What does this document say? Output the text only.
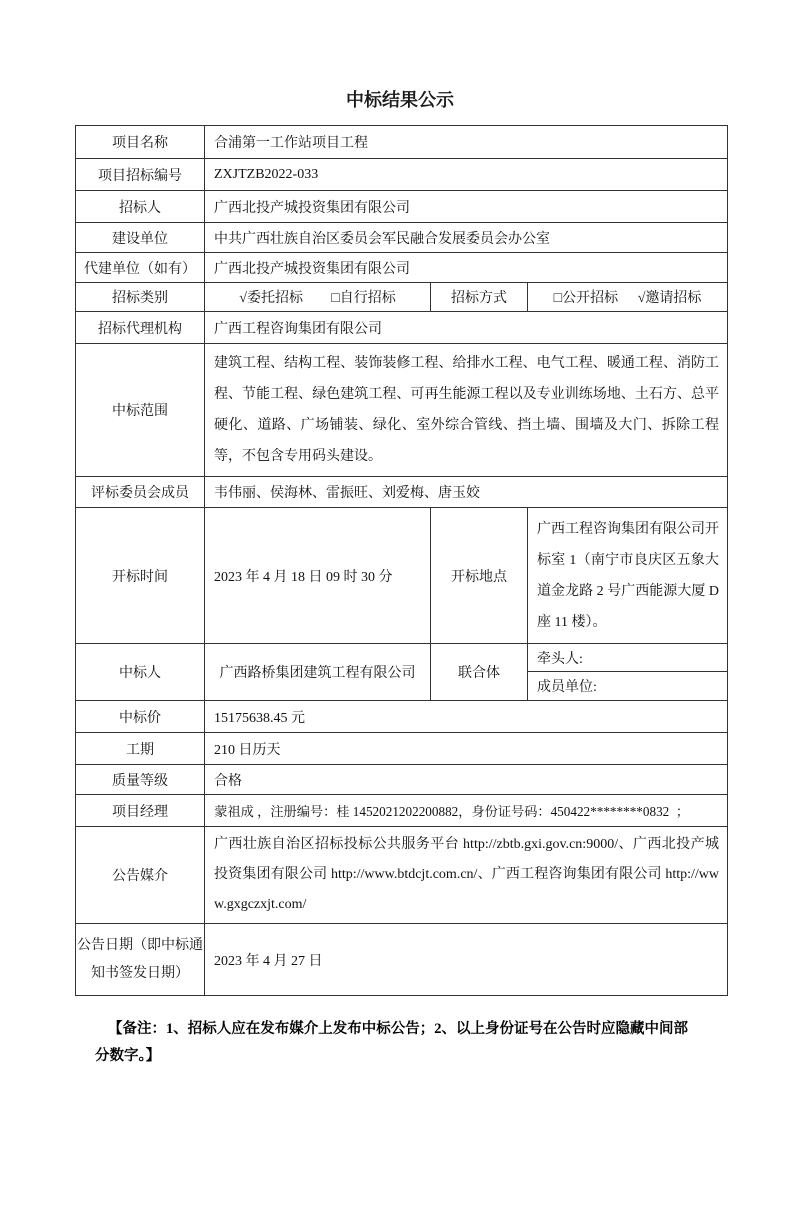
中标结果公示
项目名称	合浦第一工作站项目工程		
项目招标编号	ZXJTZB2022-033		
招标人	广西北投产城投资集团有限公司		
建设单位	中共广西壮族自治区委员会军民融合发展委员会办公室		
代建单位（如有）	广西北投产城投资集团有限公司		
招标类别	√委托招标 □自行招标	招标方式	□公开招标 √邀请招标

招标代理机构	广西工程咨询集团有限公司		
中标范围	建筑工程、结构工程、装饰装修工程、给排水工程、电气工程、暖通工程、消防工程、节能工程、绿色建筑工程、可再生能源工程以及专业训练场地、土石方、总平硬化、道路、广场铺装、绿化、室外综合管线、挡土墙、围墙及大门、拆除工程等，不包含专用码头建设。		
评标委员会成员	韦伟丽、侯海林、雷振旺、刘爱梅、唐玉姣		
开标时间	2023 年 4 月 18 日 09 时 30 分	开标地点	广西工程咨询集团有限公司开标室 1（南宁市良庆区五象大道金龙路 2 号广西能源大厦 D 座 11 楼）。
中标人	广西路桥集团建筑工程有限公司	联合体	牵头人:
			成员单位:
中标价	15175638.45 元		
工期	210 日历天		
质量等级	合格		
项目经理	蒙祖成 ，注册编号：桂 1452021202200882，身份证号码：450422********0832  ；		
公告媒介	广西壮族自治区招标投标公共服务平台 http://zbtb.gxi.gov.cn:9000/、广西北投产城投资集团有限公司 http://www.btdcjt.com.cn/、广西工程咨询集团有限公司 http://www.gxgczxjt.com/		
公告日期（即中标通知书签发日期）	2023 年 4 月 27 日		
【备注：1、招标人应在发布媒介上发布中标公告；2、以上身份证号在公告时应隐藏中间部分数字。】
